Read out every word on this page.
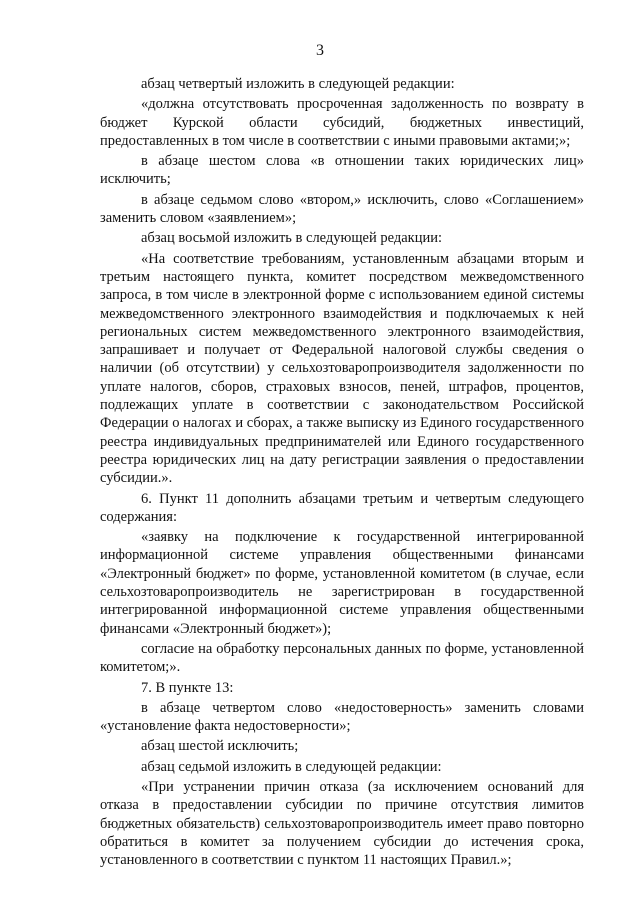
3

абзац четвертый изложить в следующей редакции:

«должна отсутствовать просроченная задолженность по возврату в бюджет Курской области субсидий, бюджетных инвестиций, предоставленных в том числе в соответствии с иными правовыми актами;»;

в абзаце шестом слова «в отношении таких юридических лиц» исключить;

в абзаце седьмом слово «втором,» исключить, слово «Соглашением» заменить словом «заявлением»;

абзац восьмой изложить в следующей редакции:

«На соответствие требованиям, установленным абзацами вторым и третьим настоящего пункта, комитет посредством межведомственного запроса, в том числе в электронной форме с использованием единой системы межведомственного электронного взаимодействия и подключаемых к ней региональных систем межведомственного электронного взаимодействия, запрашивает и получает от Федеральной налоговой службы сведения о наличии (об отсутствии) у сельхозтоваропроизводителя задолженности по уплате налогов, сборов, страховых взносов, пеней, штрафов, процентов, подлежащих уплате в соответствии с законодательством Российской Федерации о налогах и сборах, а также выписку из Единого государственного реестра индивидуальных предпринимателей или Единого государственного реестра юридических лиц на дату регистрации заявления о предоставлении субсидии.».

6. Пункт 11 дополнить абзацами третьим и четвертым следующего содержания:

«заявку на подключение к государственной интегрированной информационной системе управления общественными финансами «Электронный бюджет» по форме, установленной комитетом (в случае, если сельхозтоваропроизводитель не зарегистрирован в государственной интегрированной информационной системе управления общественными финансами «Электронный бюджет»);

согласие на обработку персональных данных по форме, установленной комитетом;».

7. В пункте 13:

в абзаце четвертом слово «недостоверность» заменить словами «установление факта недостоверности»;

абзац шестой исключить;

абзац седьмой изложить в следующей редакции:

«При устранении причин отказа (за исключением оснований для отказа в предоставлении субсидии по причине отсутствия лимитов бюджетных обязательств) сельхозтоваропроизводитель имеет право повторно обратиться в комитет за получением субсидии до истечения срока, установленного в соответствии с пунктом 11 настоящих Правил.»;
